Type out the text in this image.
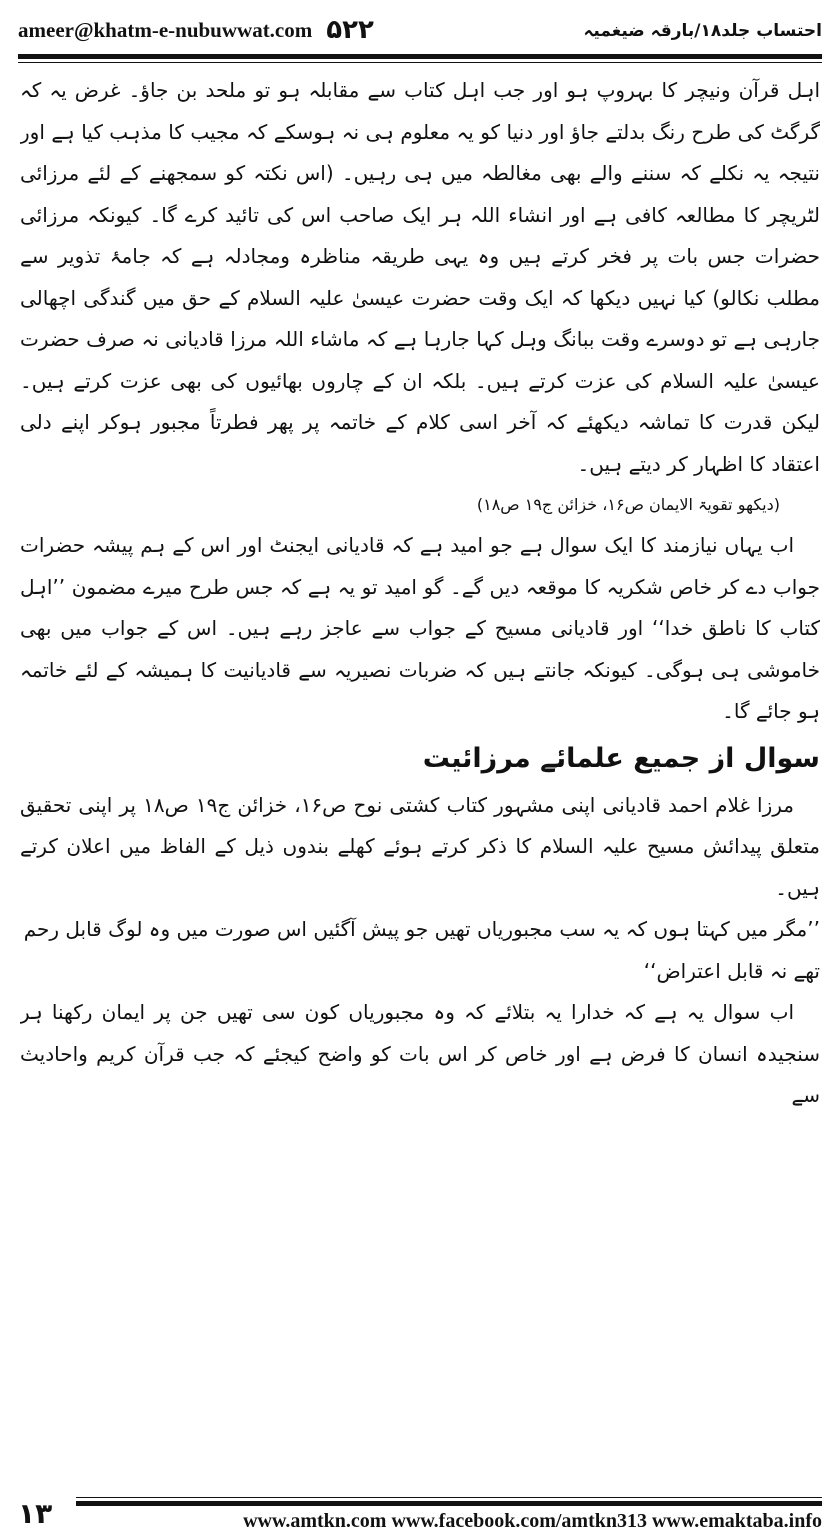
ameer@khatm-e-nubuwwat.com ۵۲۲	احتساب جلد۱۸/بارقہ ضیغمیہ

اہل قرآن ونیچر کا بہروپ ہو اور جب اہل کتاب سے مقابلہ ہو تو ملحد بن جاؤ۔ غرض یہ کہ گرگٹ کی طرح رنگ بدلتے جاؤ اور دنیا کو یہ معلوم ہی نہ ہوسکے کہ مجیب کا مذہب کیا ہے اور نتیجہ یہ نکلے کہ سننے والے بھی مغالطہ میں ہی رہیں۔ (اس نکتہ کو سمجھنے کے لئے مرزائی لٹریچر کا مطالعہ کافی ہے اور انشاء اللہ ہر ایک صاحب اس کی تائید کرے گا۔ کیونکہ مرزائی حضرات جس بات پر فخر کرتے ہیں وہ یہی طریقہ مناظرہ ومجادلہ ہے کہ جامۂ تذویر سے مطلب نکالو) کیا نہیں دیکھا کہ ایک وقت حضرت عیسیٰ علیہ السلام کے حق میں گندگی اچھالی جارہی ہے تو دوسرے وقت ببانگ وہل کہا جارہا ہے کہ ماشاء اللہ مرزا قادیانی نہ صرف حضرت عیسیٰ علیہ السلام کی عزت کرتے ہیں۔ بلکہ ان کے چاروں بھائیوں کی بھی عزت کرتے ہیں۔ لیکن قدرت کا تماشہ دیکھئے کہ آخر اسی کلام کے خاتمہ پر پھر فطرتاً مجبور ہوکر اپنے دلی اعتقاد کا اظہار کر دیتے ہیں۔

(دیکھو تقویۃ الایمان ص۱۶، خزائن ج۱۹ ص۱۸)

اب یہاں نیازمند کا ایک سوال ہے جو امید ہے کہ قادیانی ایجنٹ اور اس کے ہم پیشہ حضرات جواب دے کر خاص شکریہ کا موقعہ دیں گے۔ گو امید تو یہ ہے کہ جس طرح میرے مضمون ’’اہل کتاب کا ناطق خدا‘‘ اور قادیانی مسیح کے جواب سے عاجز رہے ہیں۔ اس کے جواب میں بھی خاموشی ہی ہوگی۔ کیونکہ جانتے ہیں کہ ضربات نصیریہ سے قادیانیت کا ہمیشہ کے لئے خاتمہ ہو جائے گا۔

سوال از جمیع علمائے مرزائیت

مرزا غلام احمد قادیانی اپنی مشہور کتاب کشتی نوح ص۱۶، خزائن ج۱۹ ص۱۸ پر اپنی تحقیق متعلق پیدائش مسیح علیہ السلام کا ذکر کرتے ہوئے کھلے بندوں ذیل کے الفاظ میں اعلان کرتے ہیں۔

’’مگر میں کہتا ہوں کہ یہ سب مجبوریاں تھیں جو پیش آگئیں اس صورت میں وہ لوگ قابل رحم تھے نہ قابل اعتراض‘‘

اب سوال یہ ہے کہ خدارا یہ بتلائے کہ وہ مجبوریاں کون سی تھیں جن پر ایمان رکھنا ہر سنجیدہ انسان کا فرض ہے اور خاص کر اس بات کو واضح کیجئے کہ جب قرآن کریم واحادیث سے

۱۳	www.amtkn.com www.facebook.com/amtkn313 www.emaktaba.info
